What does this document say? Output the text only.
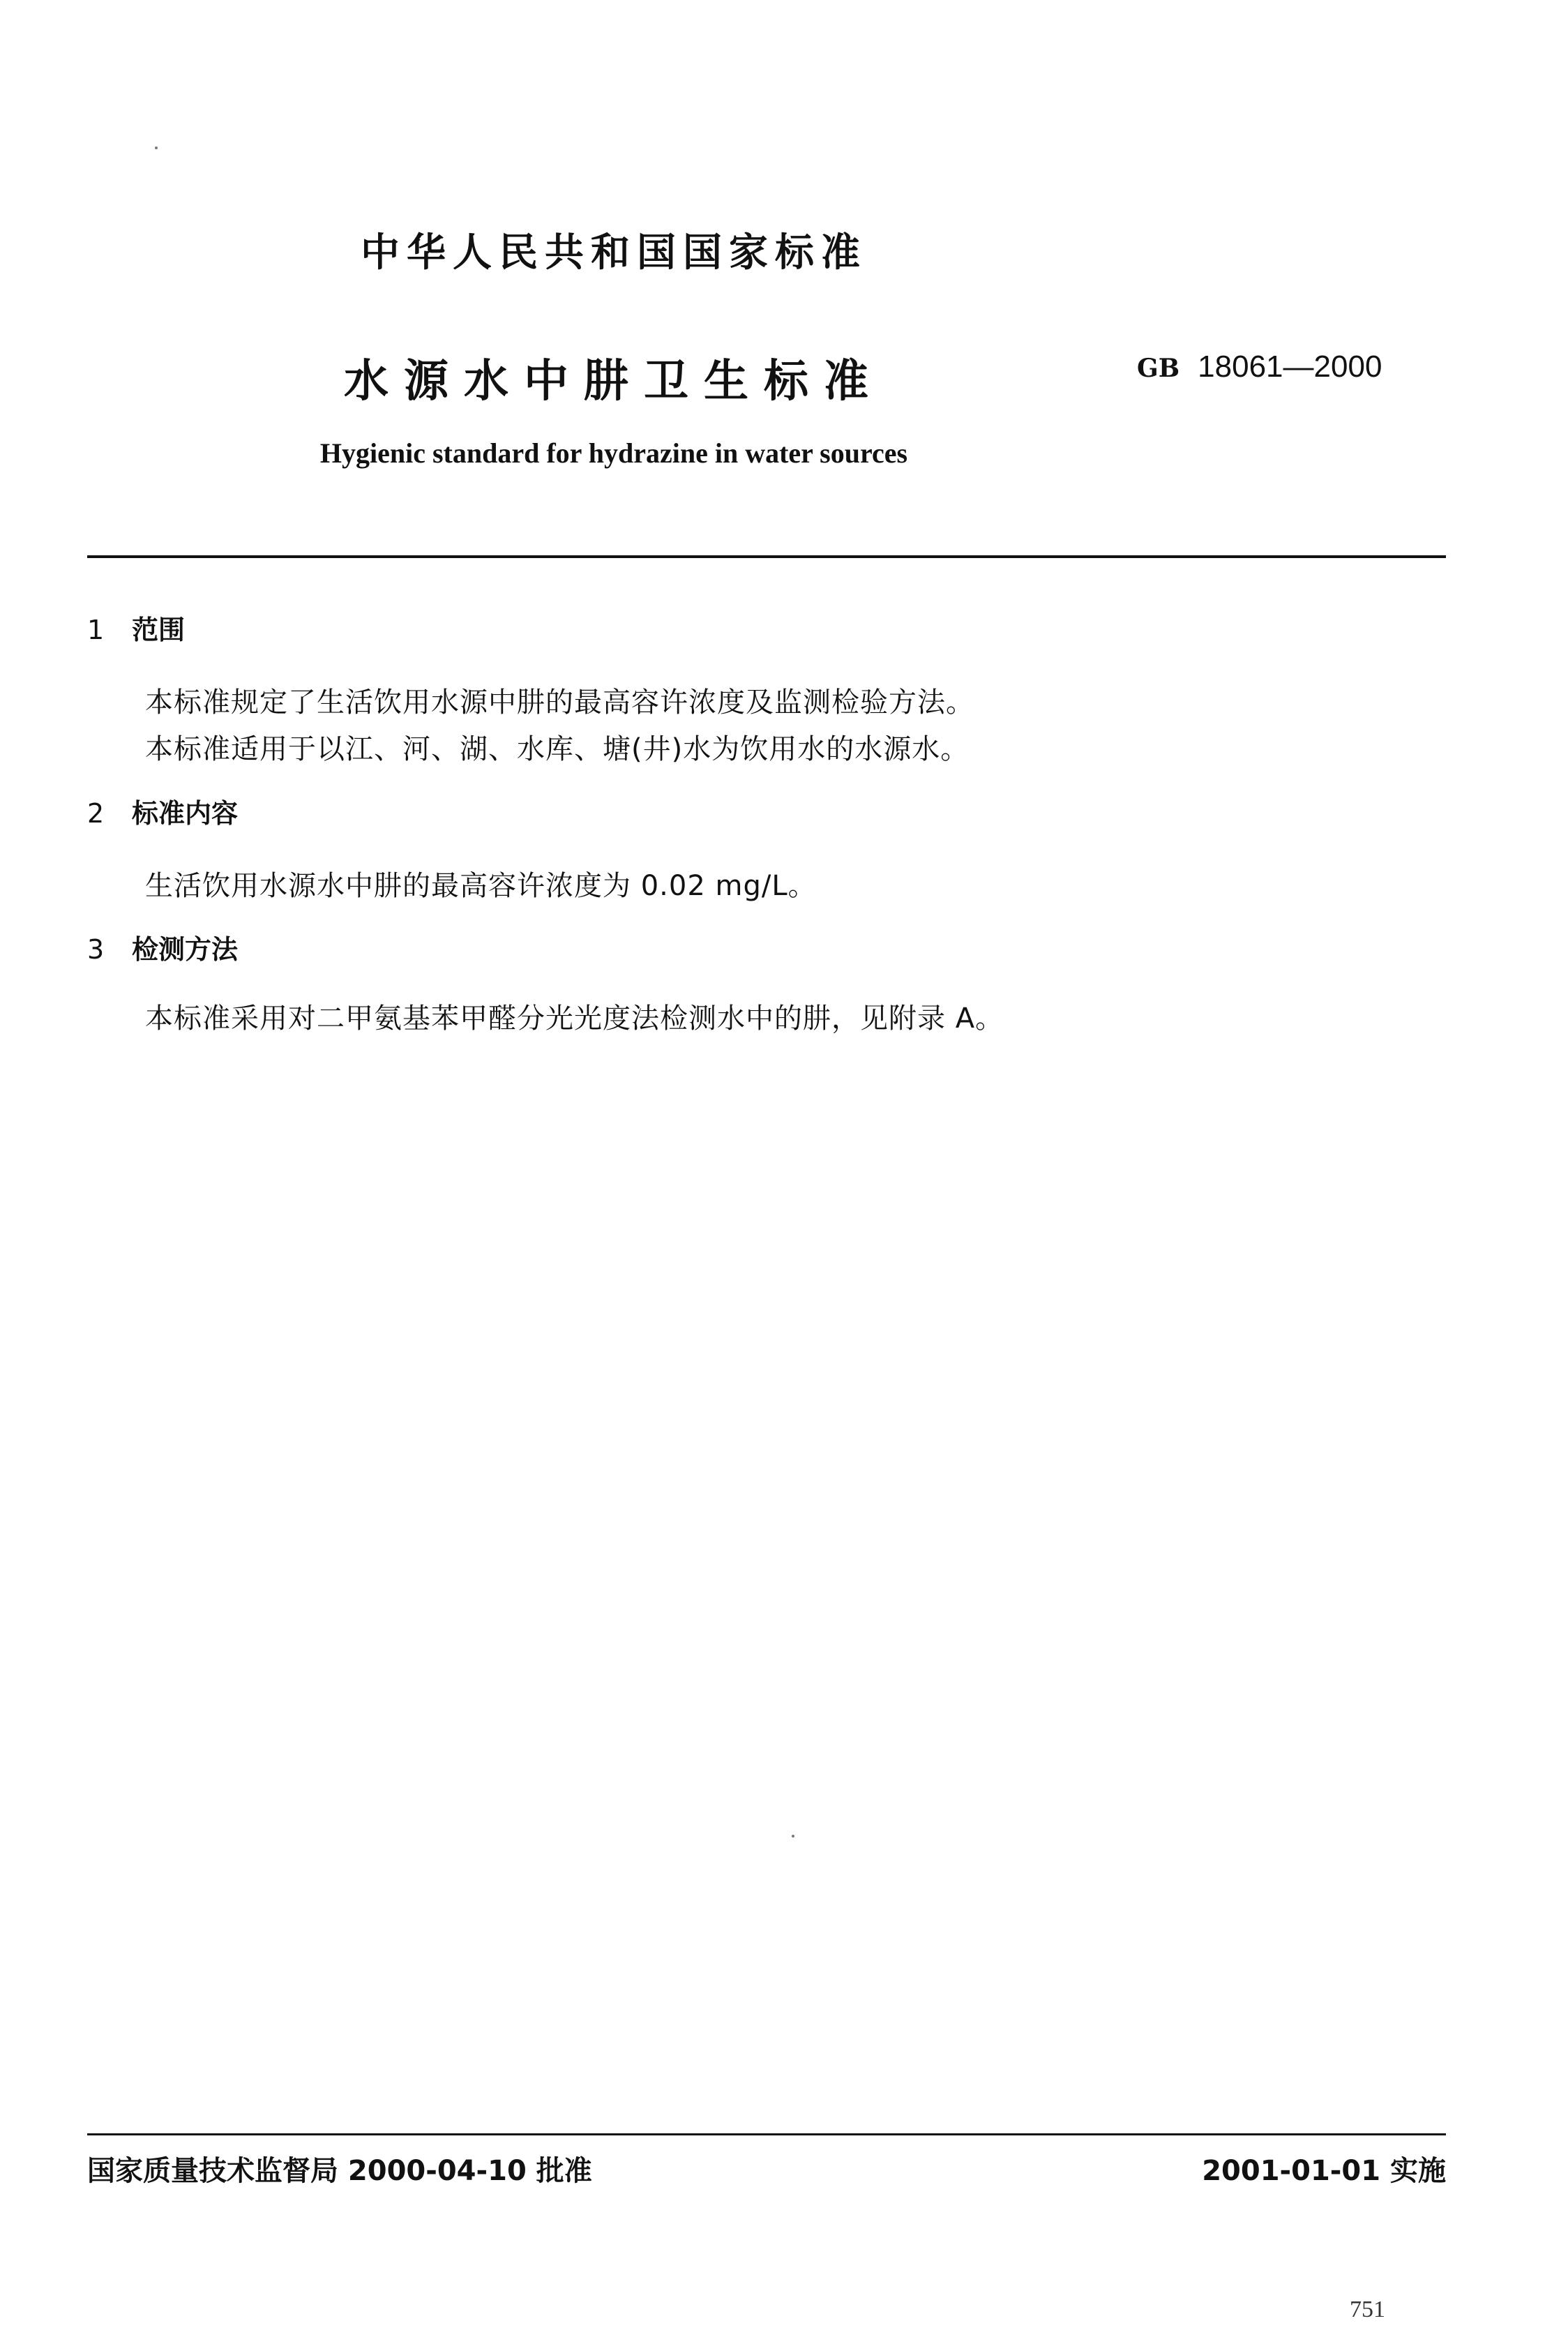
中华人民共和国国家标准
水源水中肼卫生标准	GB 18061—2000
Hygienic standard for hydrazine in water sources
1 范围
本标准规定了生活饮用水源中肼的最高容许浓度及监测检验方法。
本标准适用于以江、河、湖、水库、塘(井)水为饮用水的水源水。
2 标准内容
生活饮用水源水中肼的最高容许浓度为 0.02 mg/L。
3 检测方法
本标准采用对二甲氨基苯甲醛分光光度法检测水中的肼，见附录 A。
国家质量技术监督局 2000-04-10 批准	2001-01-01 实施
751
